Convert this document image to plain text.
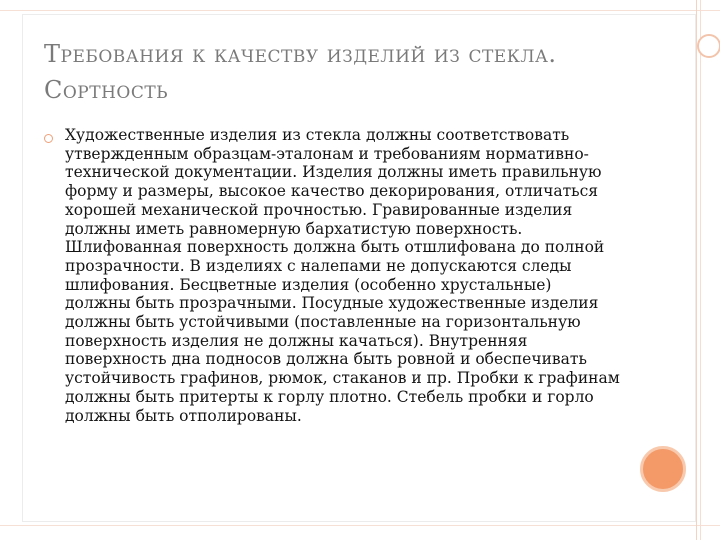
Требования к качеству изделий из стекла. Сортность

Художественные изделия из стекла должны соответствовать утвержденным образцам-эталонам и требованиям нормативно-технической документации. Изделия должны иметь правильную форму и размеры, высокое качество декорирования, отличаться хорошей механической прочностью. Гравированные изделия должны иметь равномерную бархатистую поверхность. Шлифованная поверхность должна быть отшлифована до полной прозрачности. В изделиях с налепами не допускаются следы шлифования. Бесцветные изделия (особенно хрустальные) должны быть прозрачными. Посудные художественные изделия должны быть устойчивыми (поставленные на горизонтальную поверхность изделия не должны качаться). Внутренняя поверхность дна подносов должна быть ровной и обеспечивать устойчивость графинов, рюмок, стаканов и пр. Пробки к графинам должны быть притерты к горлу плотно. Стебель пробки и горло должны быть отполированы.
